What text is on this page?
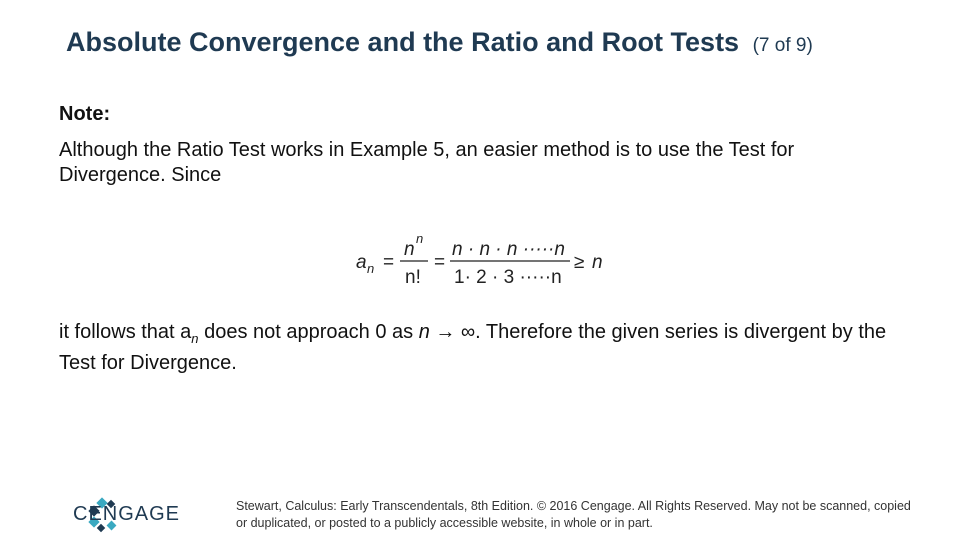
Absolute Convergence and the Ratio and Root Tests (7 of 9)
Note:
Although the Ratio Test works in Example 5, an easier method is to use the Test for Divergence. Since
a n =
n
n
n!
=
n · n · n ·····n
1· 2 · 3 ·····n
≥ n
it follows that $a_n$ does not approach 0 as n → ∞. Therefore the given series is divergent by the Test for Divergence.
CENGAGE	Stewart, Calculus: Early Transcendentals, 8th Edition. © 2016 Cengage. All Rights Reserved. May not be scanned, copied or duplicated, or posted to a publicly accessible website, in whole or in part.
